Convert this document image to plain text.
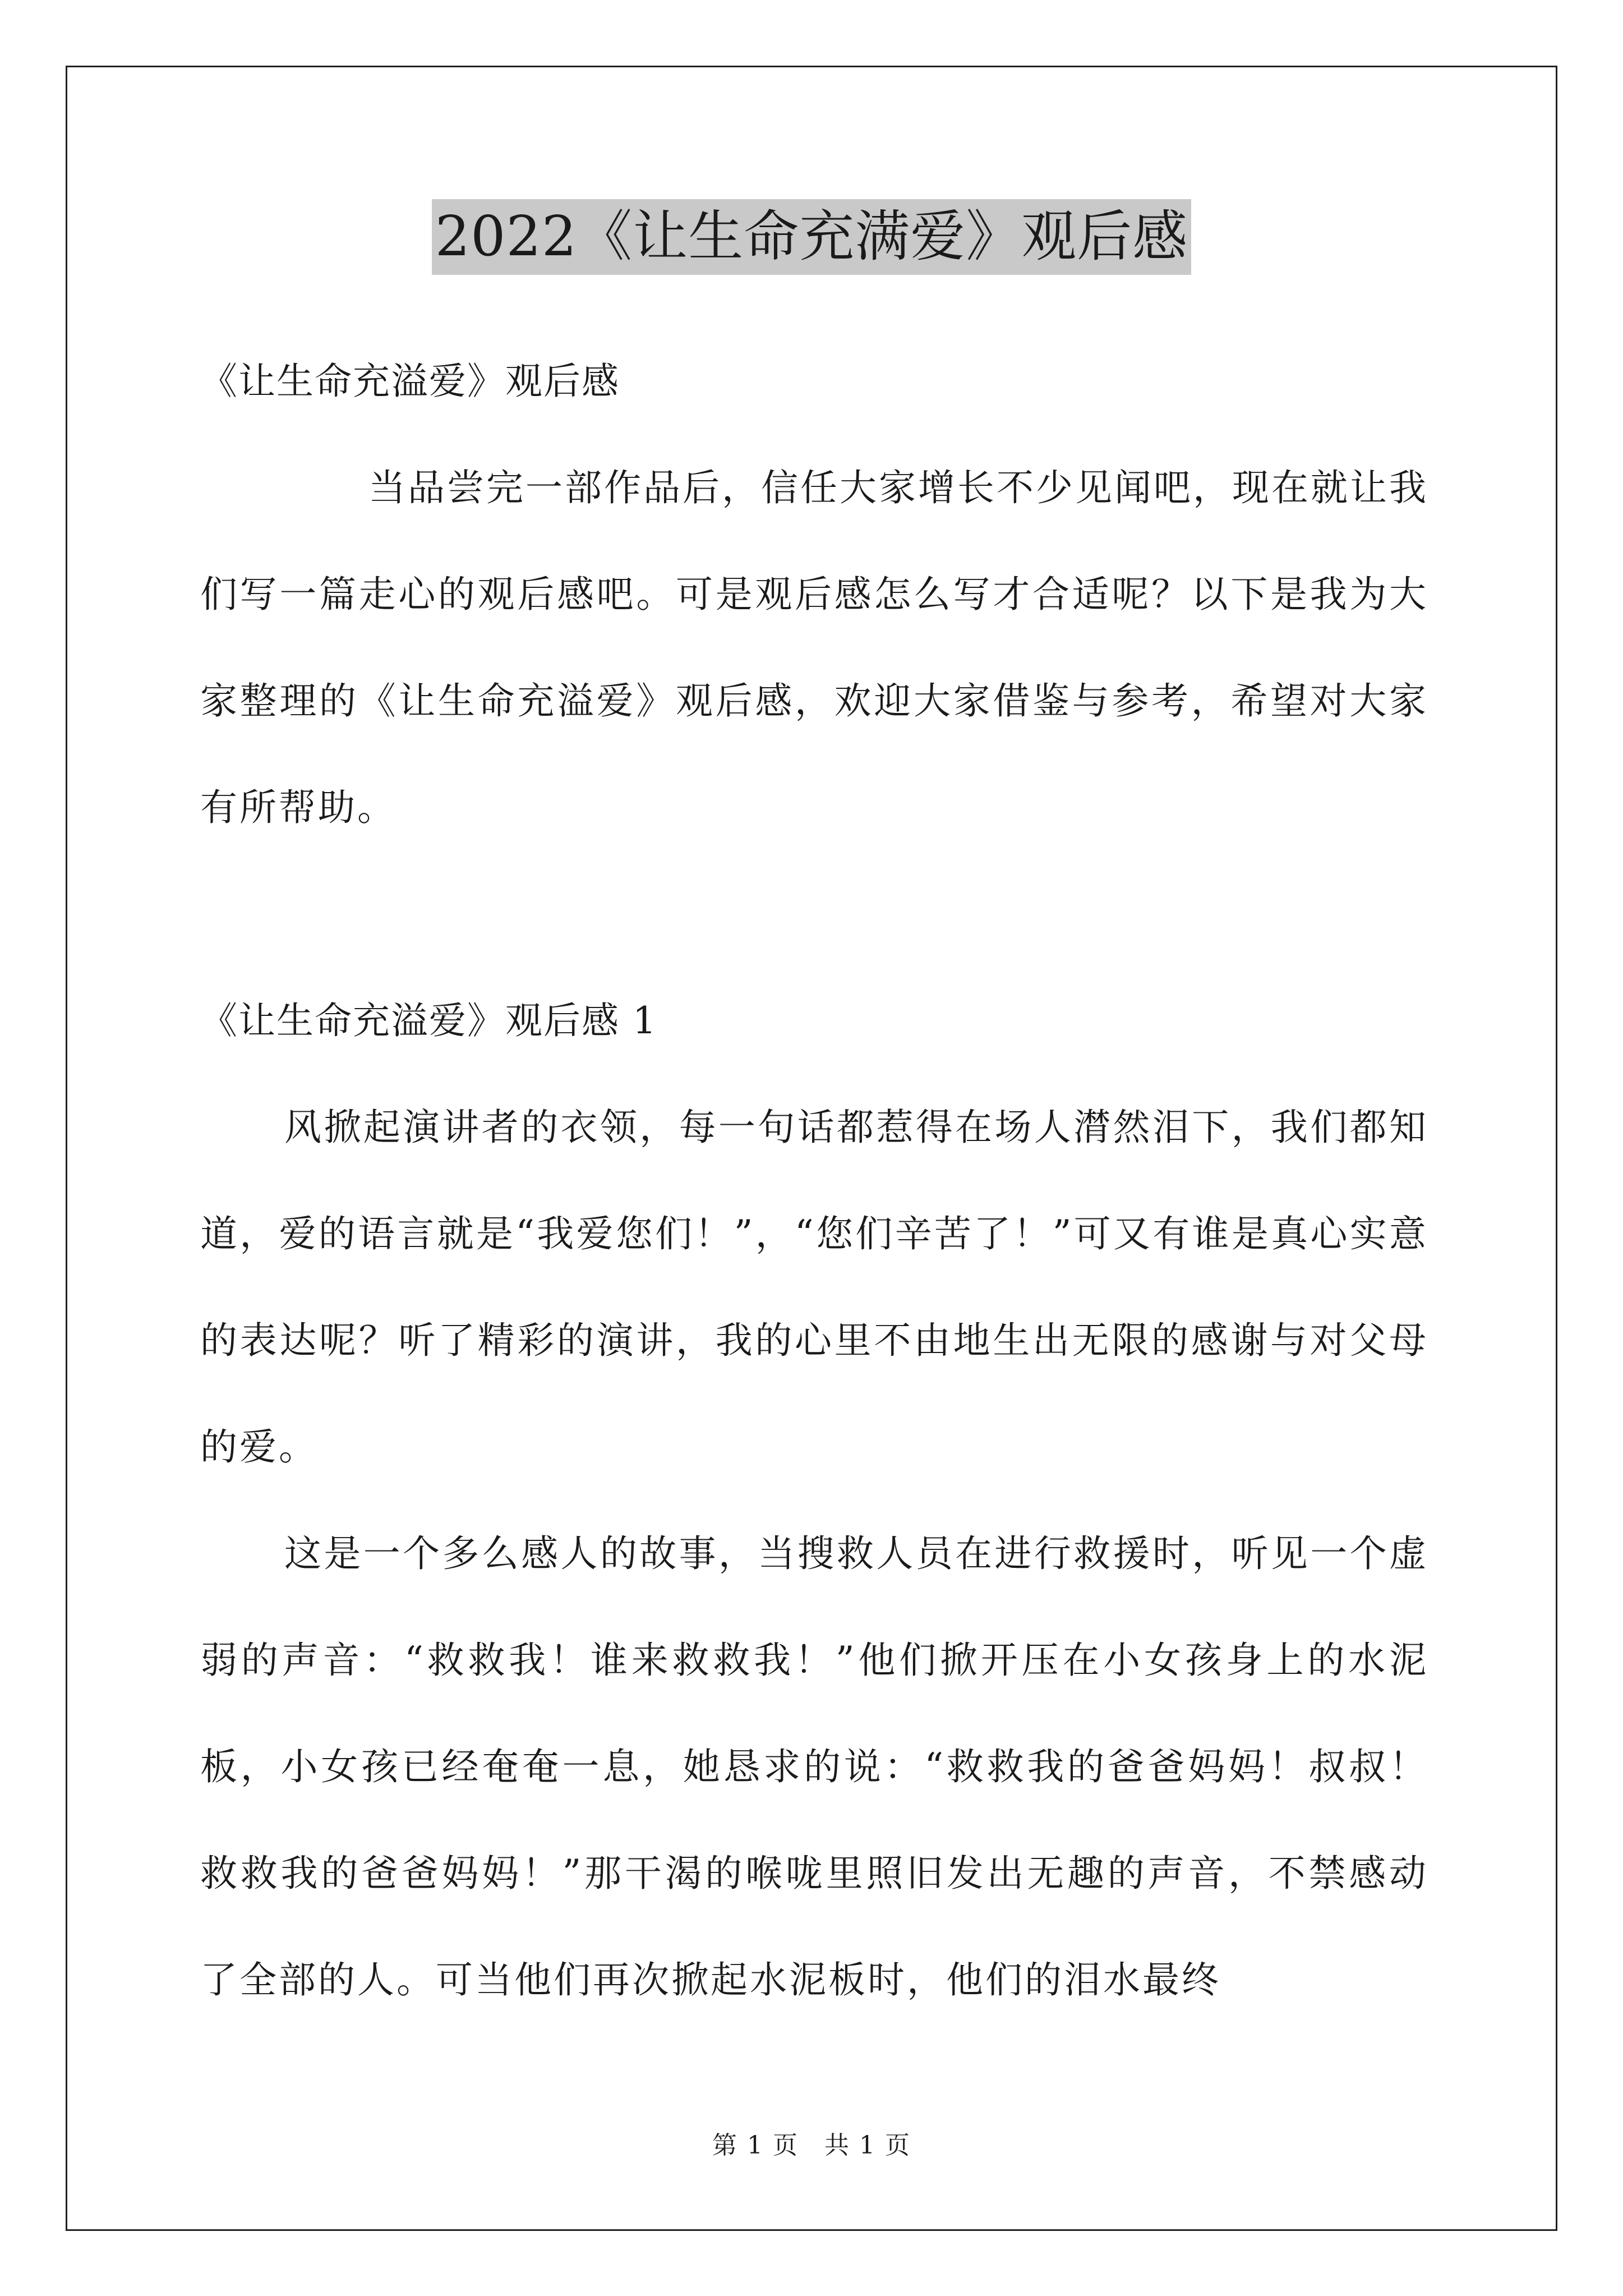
2022《让生命充满爱》观后感
《让生命充溢爱》观后感

当品尝完一部作品后，信任大家增长不少见闻吧，现在就让我们写一篇走心的观后感吧。可是观后感怎么写才合适呢？以下是我为大家整理的《让生命充溢爱》观后感，欢迎大家借鉴与参考，希望对大家有所帮助。

《让生命充溢爱》观后感 1

风掀起演讲者的衣领，每一句话都惹得在场人潸然泪下，我们都知道，爱的语言就是“我爱您们！”，“您们辛苦了！”可又有谁是真心实意的表达呢？听了精彩的演讲，我的心里不由地生出无限的感谢与对父母的爱。

这是一个多么感人的故事，当搜救人员在进行救援时，听见一个虚弱的声音：“救救我！谁来救救我！”他们掀开压在小女孩身上的水泥板，小女孩已经奄奄一息，她恳求的说：“救救我的爸爸妈妈！叔叔！救救我的爸爸妈妈！”那干渴的喉咙里照旧发出无趣的声音，不禁感动了全部的人。可当他们再次掀起水泥板时，他们的泪水最终

第 1 页　共 1 页
